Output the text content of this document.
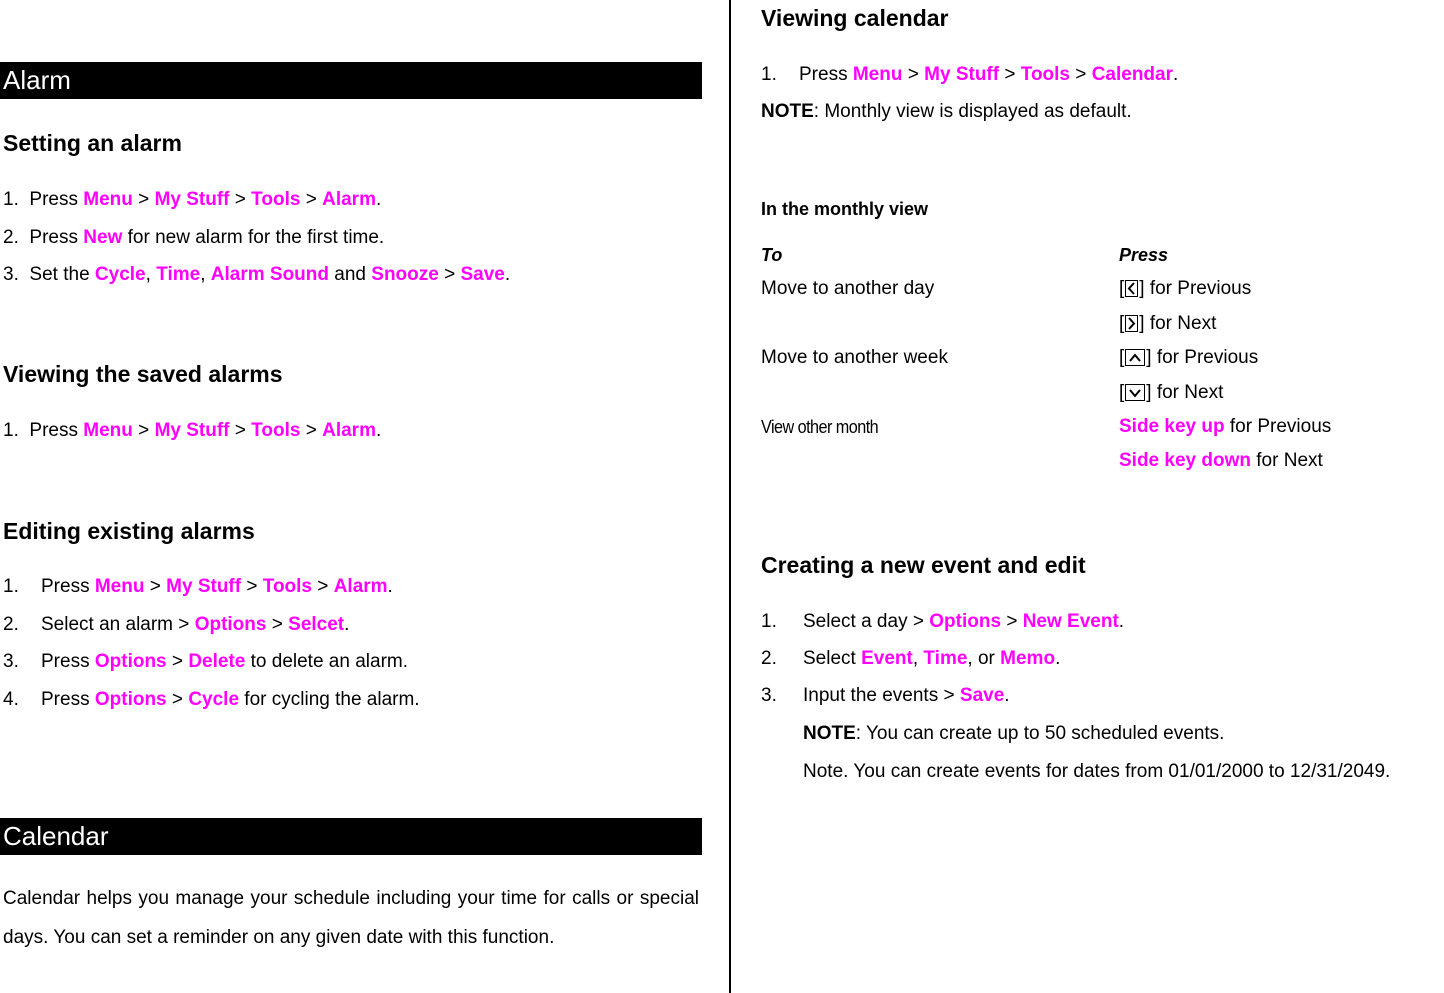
Alarm
Setting an alarm
1. Press Menu > My Stuff > Tools > Alarm.
2. Press New for new alarm for the first time.
3. Set the Cycle, Time, Alarm Sound and Snooze > Save.
Viewing the saved alarms
1. Press Menu > My Stuff > Tools > Alarm.
Editing existing alarms
1. Press Menu > My Stuff > Tools > Alarm.
2. Select an alarm > Options > Selcet.
3. Press Options > Delete to delete an alarm.
4. Press Options > Cycle for cycling the alarm.
Calendar
Calendar helps you manage your schedule including your time for calls or special days. You can set a reminder on any given date with this function.
Viewing calendar
1. Press Menu > My Stuff > Tools > Calendar.
NOTE: Monthly view is displayed as default.
In the monthly view
To	Press
Move to another day	[ ] for Previous
[ ] for Next
Move to another week	[ ] for Previous
[ ] for Next
View other month	Side key up for Previous
Side key down for Next
Creating a new event and edit
1. Select a day > Options > New Event.
2. Select Event, Time, or Memo.
3. Input the events > Save.
NOTE: You can create up to 50 scheduled events.
Note. You can create events for dates from 01/01/2000 to 12/31/2049.
